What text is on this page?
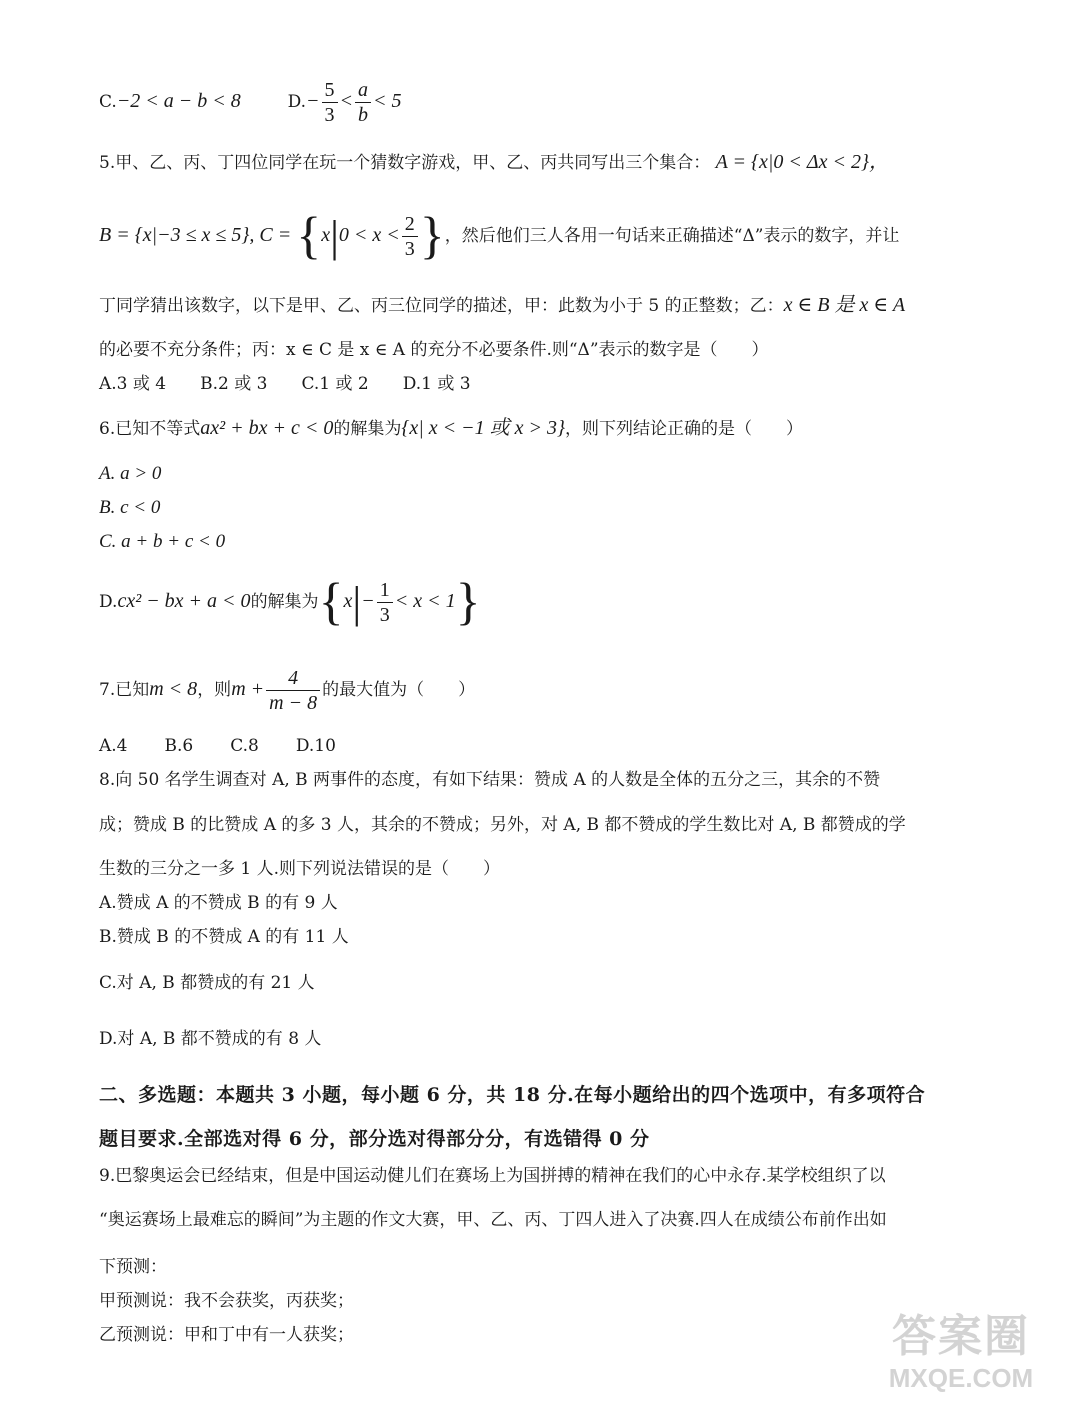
C.−2 < a − b < 8	$D.- \frac{5}{3} < \frac{a}{b} < 5$
5.甲、乙、丙、丁四位同学在玩一个猜数字游戏，甲、乙、丙共同写出三个集合： A = {x|0 < Δx < 2}，
B = {x|−3 ≤ x ≤ 5}, $C = \{x|0 < x < \frac{2}{3}$ }，然后他们三人各用一句话来正确描述“Δ”表示的数字，并让
丁同学猜出该数字，以下是甲、乙、丙三位同学的描述，甲：此数为小于 5 的正整数；乙：x ∈ B 是 x ∈ A
的必要不充分条件；丙：x ∈ C 是 x ∈ A 的充分不必要条件.则“Δ”表示的数字是（　　）
A.3 或 4 B.2 或 3 C.1 或 2 D.1 或 3
6.已知不等式ax² + bx + c < 0的解集为{x| x < −1 或 x > 3}，则下列结论正确的是（　　）
A. a > 0
B. c < 0
C. a + b + c < 0
D.cx² − bx + a < 0的解集为$\{x|- \frac{1}{3} < x < 1\}$
7.已知m < 8，则$m + \frac{4}{m - 8}$ 的最大值为（　　）
A.4 B.6 C.8 D.10
8.向 50 名学生调查对 A, B 两事件的态度，有如下结果：赞成 A 的人数是全体的五分之三，其余的不赞
成；赞成 B 的比赞成 A 的多 3 人，其余的不赞成；另外，对 A, B 都不赞成的学生数比对 A, B 都赞成的学
生数的三分之一多 1 人.则下列说法错误的是（　　）
A.赞成 A 的不赞成 B 的有 9 人
B.赞成 B 的不赞成 A 的有 11 人
C.对 A, B 都赞成的有 21 人
D.对 A, B 都不赞成的有 8 人
二、多选题：本题共 3 小题，每小题 6 分，共 18 分.在每小题给出的四个选项中，有多项符合
题目要求.全部选对得 6 分，部分选对得部分分，有选错得 0 分
9.巴黎奥运会已经结束，但是中国运动健儿们在赛场上为国拼搏的精神在我们的心中永存.某学校组织了以
“奥运赛场上最难忘的瞬间”为主题的作文大赛，甲、乙、丙、丁四人进入了决赛.四人在成绩公布前作出如
下预测：
甲预测说：我不会获奖，丙获奖；
乙预测说：甲和丁中有一人获奖；	答案圈
MXQE.COM
